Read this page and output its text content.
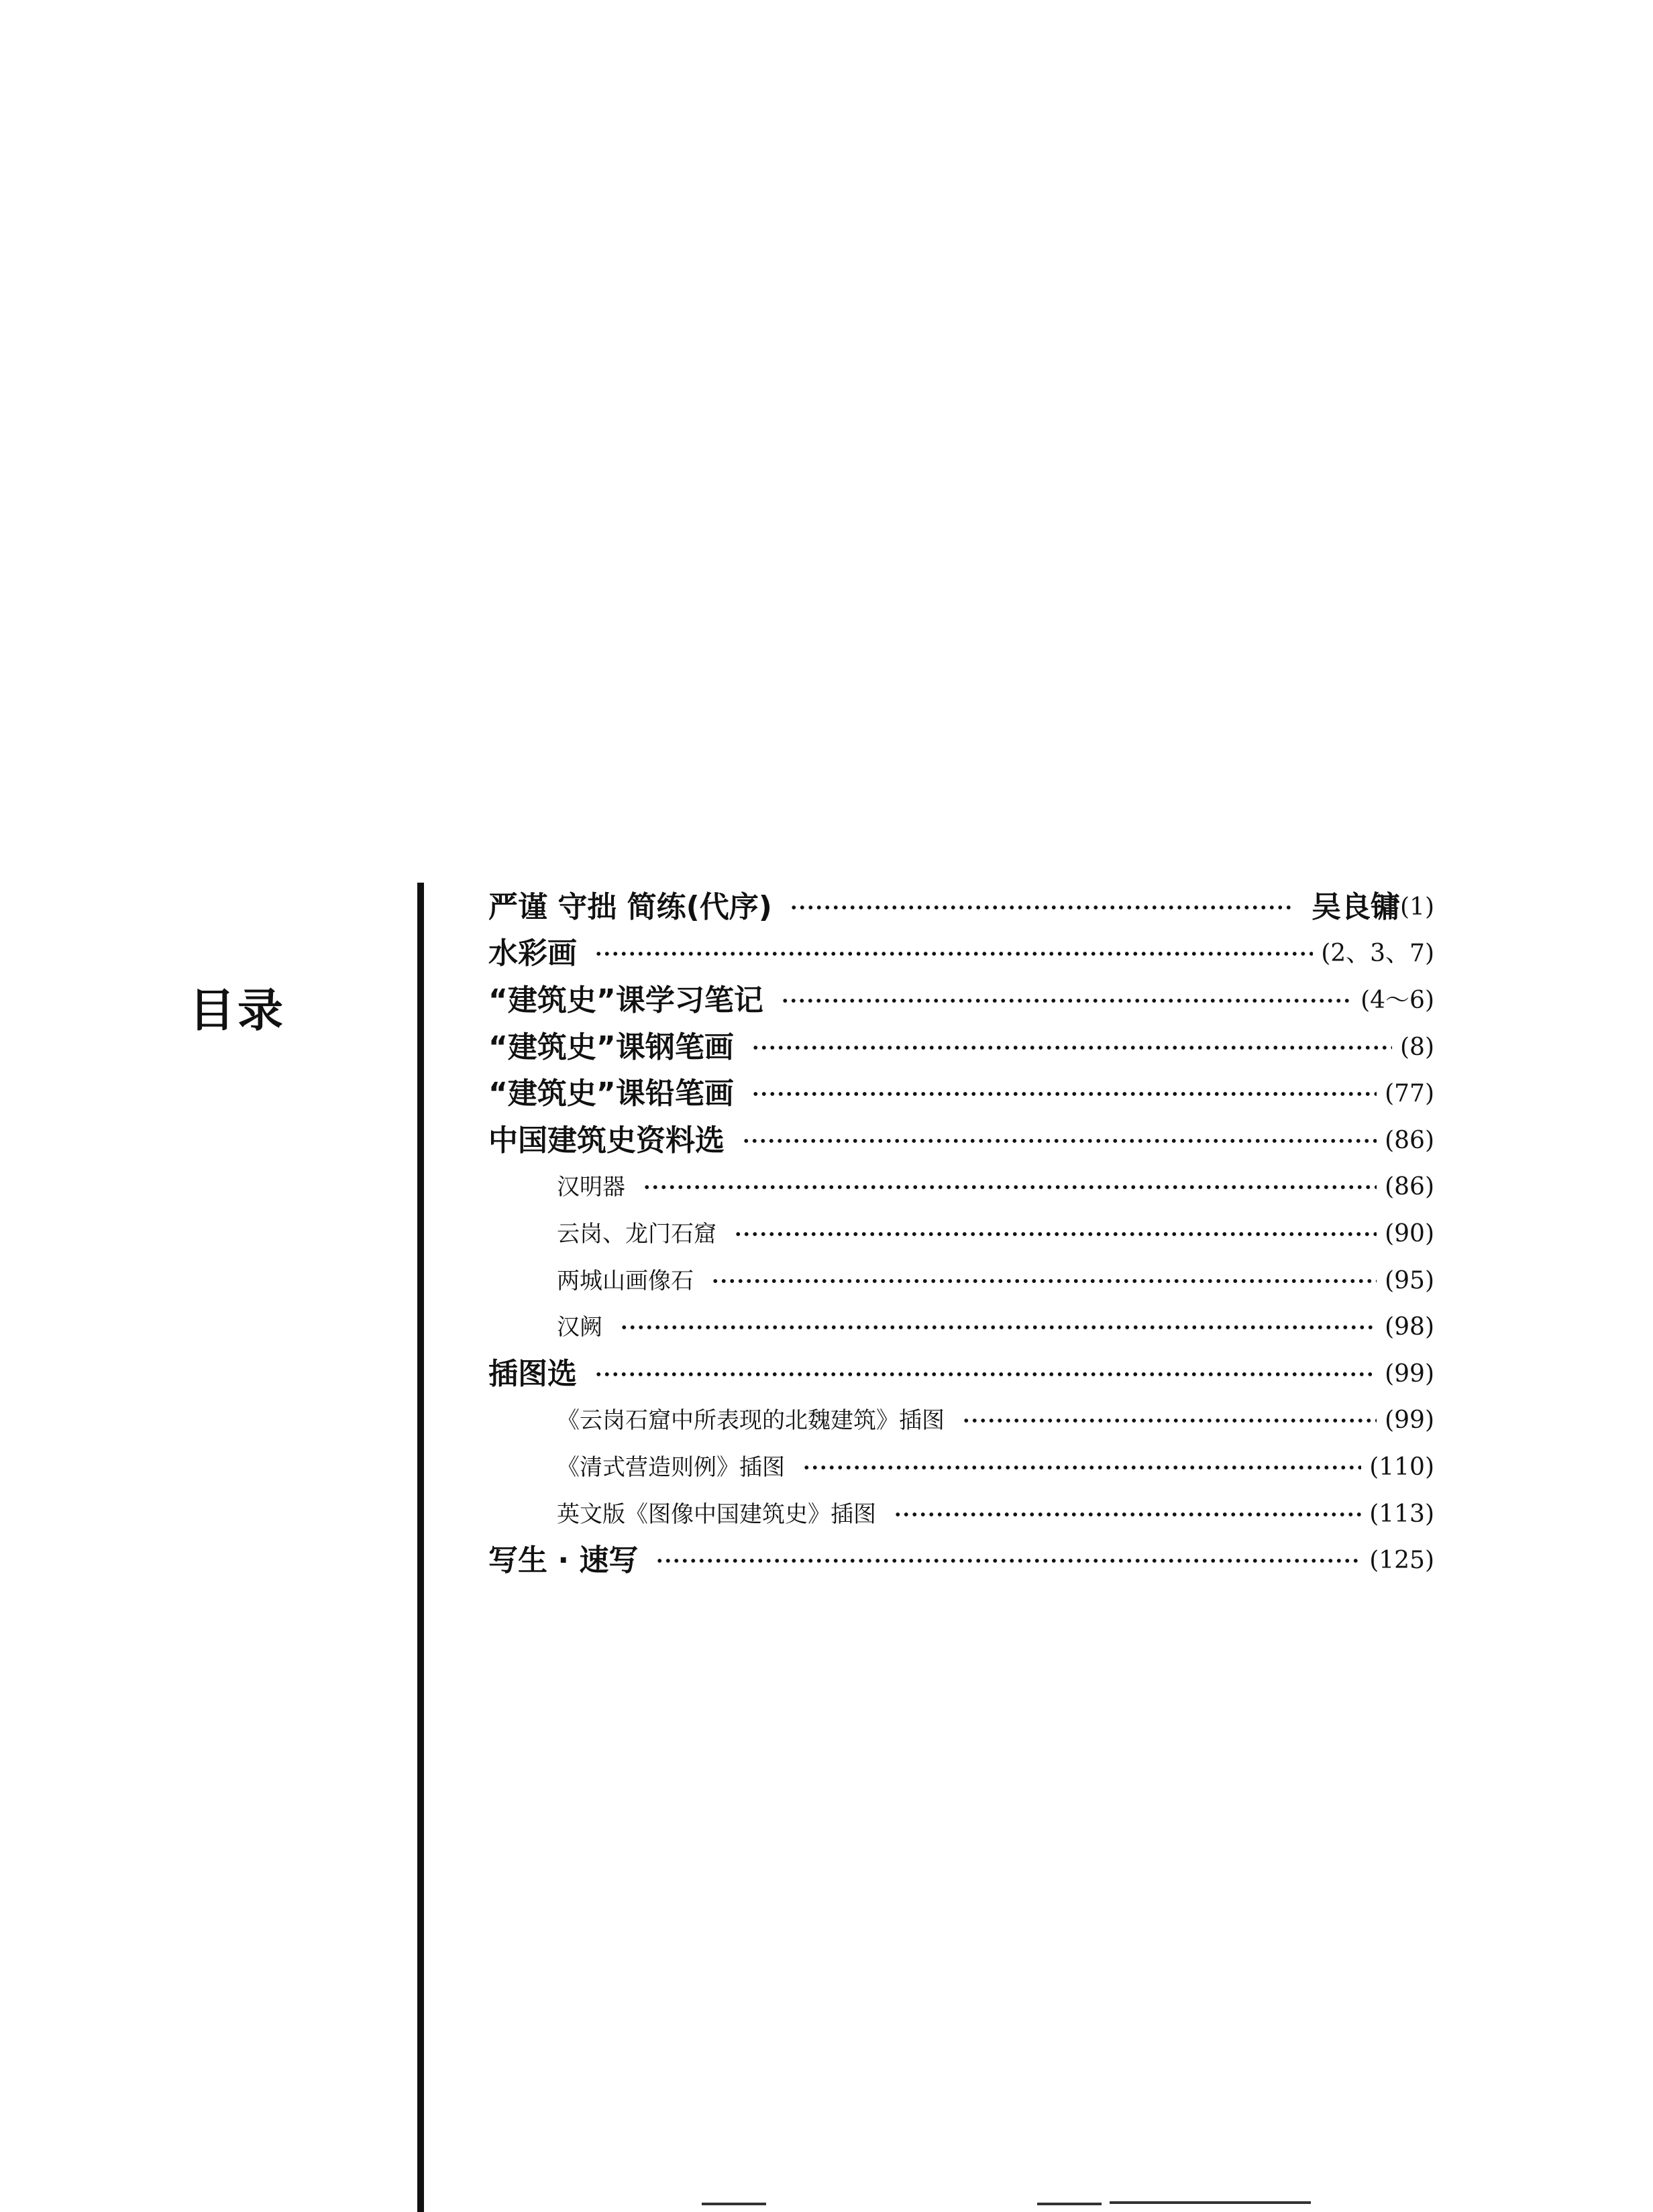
目录
严谨 守拙 简练(代序)	吴良镛 (1)
水彩画	(2、3、7)
“建筑史”课学习笔记	(4～6)
“建筑史”课钢笔画	(8)
“建筑史”课铅笔画	(77)
中国建筑史资料选	(86)
汉明器	(86)
云岗、龙门石窟	(90)
两城山画像石	(95)
汉阙	(98)
插图选	(99)
《云岗石窟中所表现的北魏建筑》插图	(99)
《清式营造则例》插图	(110)
英文版《图像中国建筑史》插图	(113)
写生 · 速写	(125)
